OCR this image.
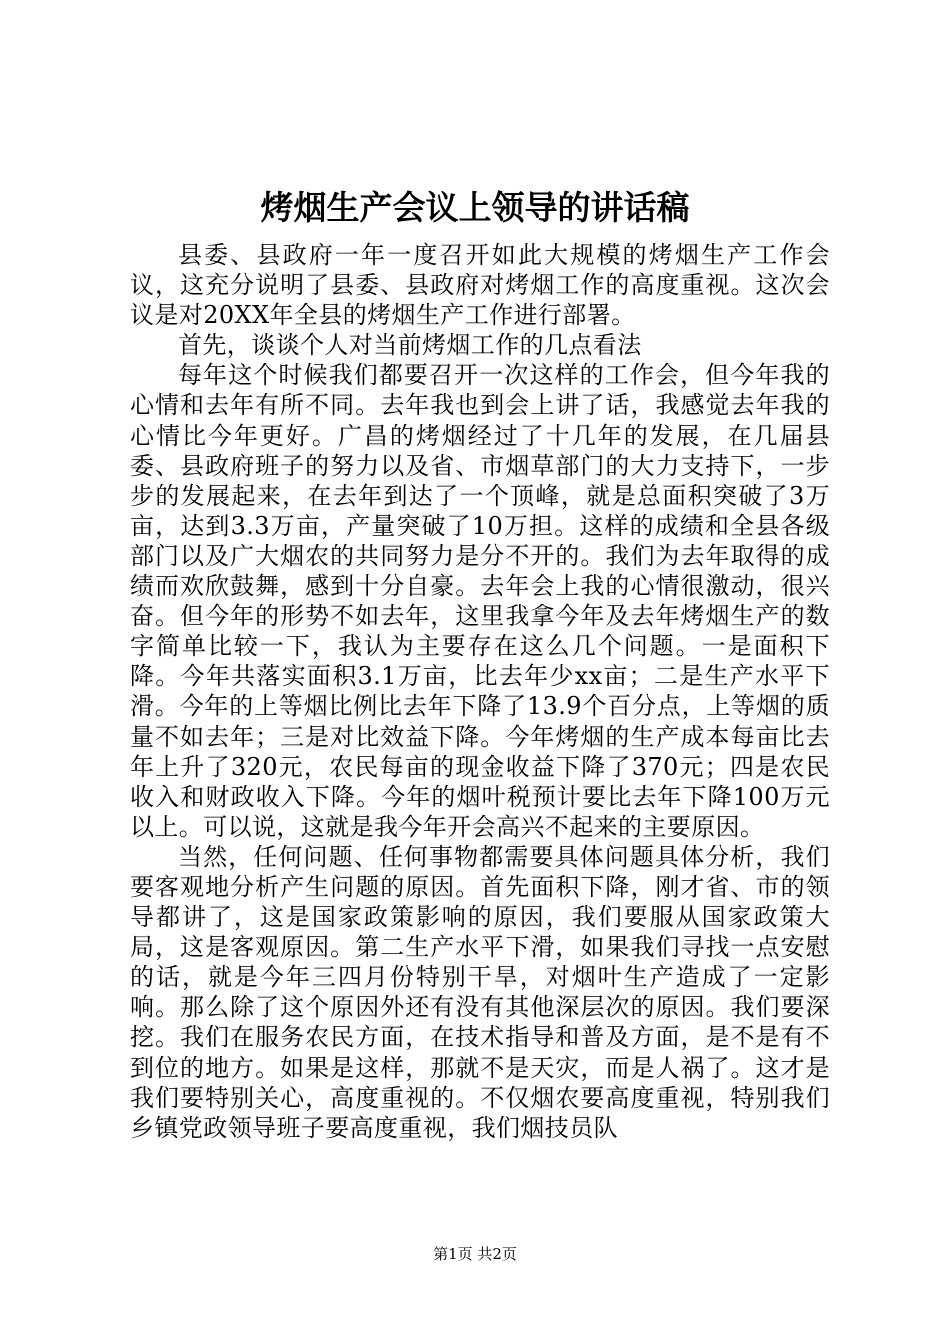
烤烟生产会议上领导的讲话稿

县委、县政府一年一度召开如此大规模的烤烟生产工作会议，这充分说明了县委、县政府对烤烟工作的高度重视。这次会议是对20XX年全县的烤烟生产工作进行部署。

首先，谈谈个人对当前烤烟工作的几点看法

每年这个时候我们都要召开一次这样的工作会，但今年我的心情和去年有所不同。去年我也到会上讲了话，我感觉去年我的心情比今年更好。广昌的烤烟经过了十几年的发展，在几届县委、县政府班子的努力以及省、市烟草部门的大力支持下，一步步的发展起来，在去年到达了一个顶峰，就是总面积突破了3万亩，达到3.3万亩，产量突破了10万担。这样的成绩和全县各级部门以及广大烟农的共同努力是分不开的。我们为去年取得的成绩而欢欣鼓舞，感到十分自豪。去年会上我的心情很激动，很兴奋。但今年的形势不如去年，这里我拿今年及去年烤烟生产的数字简单比较一下，我认为主要存在这么几个问题。一是面积下降。今年共落实面积3.1万亩，比去年少xx亩；二是生产水平下滑。今年的上等烟比例比去年下降了13.9个百分点，上等烟的质量不如去年；三是对比效益下降。今年烤烟的生产成本每亩比去年上升了320元，农民每亩的现金收益下降了370元；四是农民收入和财政收入下降。今年的烟叶税预计要比去年下降100万元以上。可以说，这就是我今年开会高兴不起来的主要原因。

当然，任何问题、任何事物都需要具体问题具体分析，我们要客观地分析产生问题的原因。首先面积下降，刚才省、市的领导都讲了，这是国家政策影响的原因，我们要服从国家政策大局，这是客观原因。第二生产水平下滑，如果我们寻找一点安慰的话，就是今年三四月份特别干旱，对烟叶生产造成了一定影响。那么除了这个原因外还有没有其他深层次的原因。我们要深挖。我们在服务农民方面，在技术指导和普及方面，是不是有不到位的地方。如果是这样，那就不是天灾，而是人祸了。这才是我们要特别关心，高度重视的。不仅烟农要高度重视，特别我们乡镇党政领导班子要高度重视，我们烟技员队

第1页 共2页
